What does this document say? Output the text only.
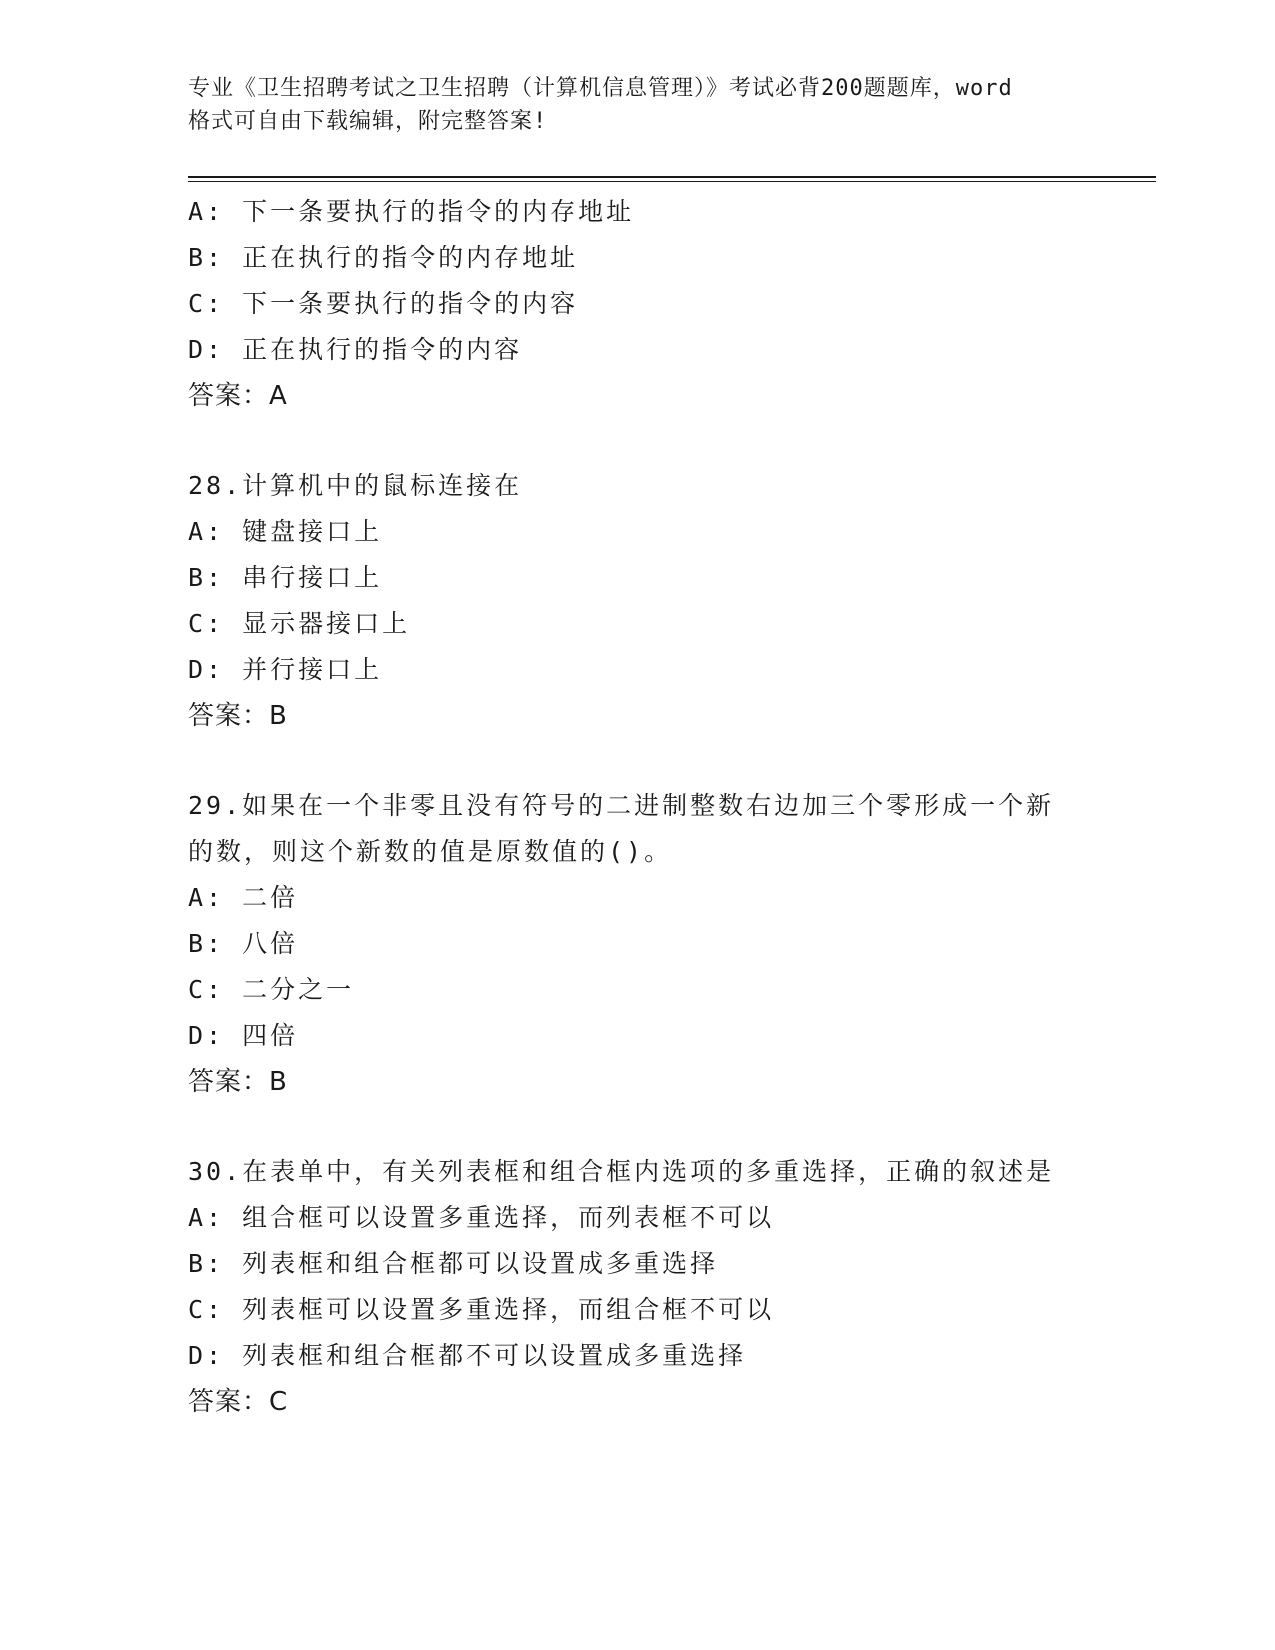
专业《卫生招聘考试之卫生招聘（计算机信息管理）》考试必背200题题库，word
格式可自由下载编辑，附完整答案!
A: 下一条要执行的指令的内存地址
B: 正在执行的指令的内存地址
C: 下一条要执行的指令的内容
D: 正在执行的指令的内容
答案：A
28.计算机中的鼠标连接在
A: 键盘接口上
B: 串行接口上
C: 显示器接口上
D: 并行接口上
答案：B
29.如果在一个非零且没有符号的二进制整数右边加三个零形成一个新
的数，则这个新数的值是原数值的()。
A: 二倍
B: 八倍
C: 二分之一
D: 四倍
答案：B
30.在表单中，有关列表框和组合框内选项的多重选择，正确的叙述是
A: 组合框可以设置多重选择，而列表框不可以
B: 列表框和组合框都可以设置成多重选择
C: 列表框可以设置多重选择，而组合框不可以
D: 列表框和组合框都不可以设置成多重选择
答案：C
